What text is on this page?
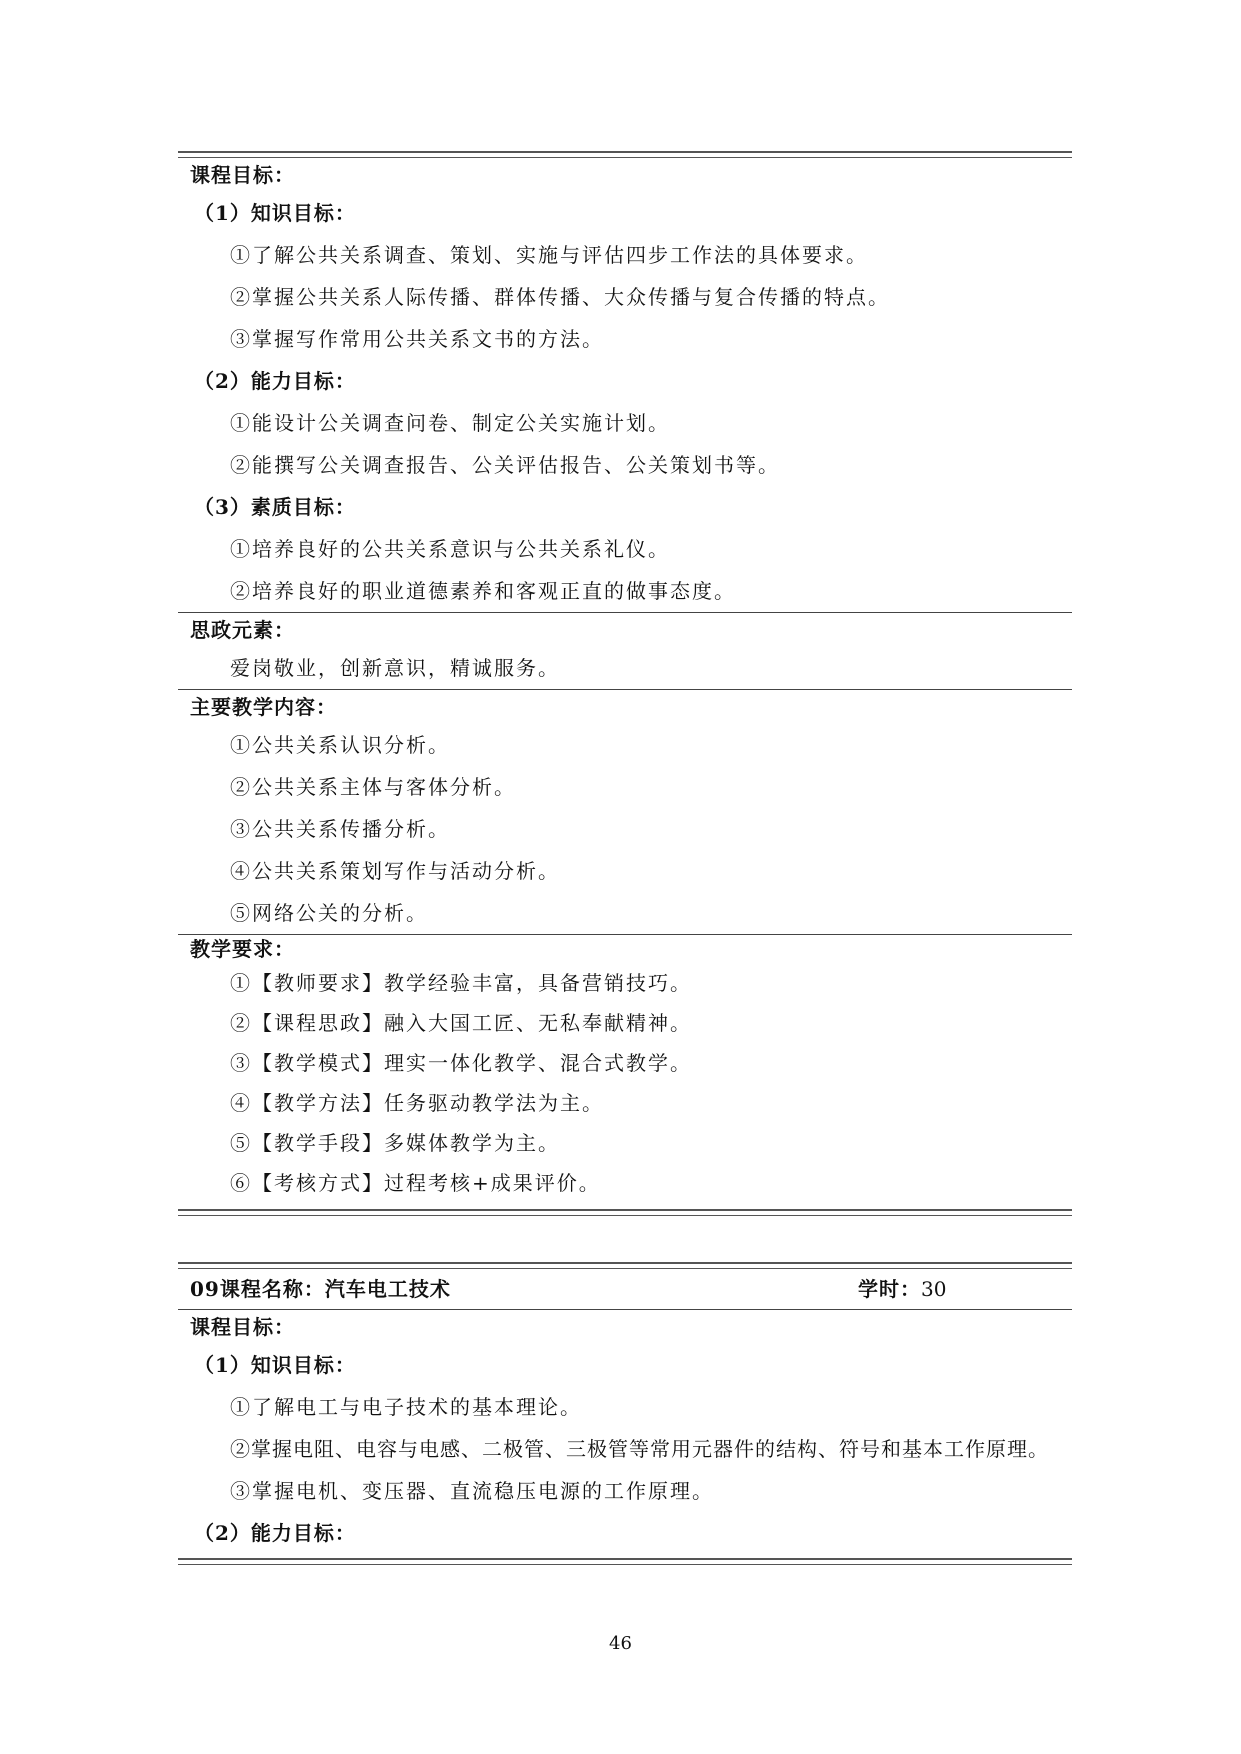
课程目标：
（1）知识目标：
①了解公共关系调查、策划、实施与评估四步工作法的具体要求。
②掌握公共关系人际传播、群体传播、大众传播与复合传播的特点。
③掌握写作常用公共关系文书的方法。
（2）能力目标：
①能设计公关调查问卷、制定公关实施计划。
②能撰写公关调查报告、公关评估报告、公关策划书等。
（3）素质目标：
①培养良好的公共关系意识与公共关系礼仪。
②培养良好的职业道德素养和客观正直的做事态度。
思政元素：
爱岗敬业，创新意识，精诚服务。
主要教学内容：
①公共关系认识分析。
②公共关系主体与客体分析。
③公共关系传播分析。
④公共关系策划写作与活动分析。
⑤网络公关的分析。
教学要求：
①【教师要求】教学经验丰富，具备营销技巧。
②【课程思政】融入大国工匠、无私奉献精神。
③【教学模式】理实一体化教学、混合式教学。
④【教学方法】任务驱动教学法为主。
⑤【教学手段】多媒体教学为主。
⑥【考核方式】过程考核+成果评价。
09课程名称：汽车电工技术	学时：30
课程目标：
（1）知识目标：
①了解电工与电子技术的基本理论。
②掌握电阻、电容与电感、二极管、三极管等常用元器件的结构、符号和基本工作原理。
③掌握电机、变压器、直流稳压电源的工作原理。
（2）能力目标：
46
